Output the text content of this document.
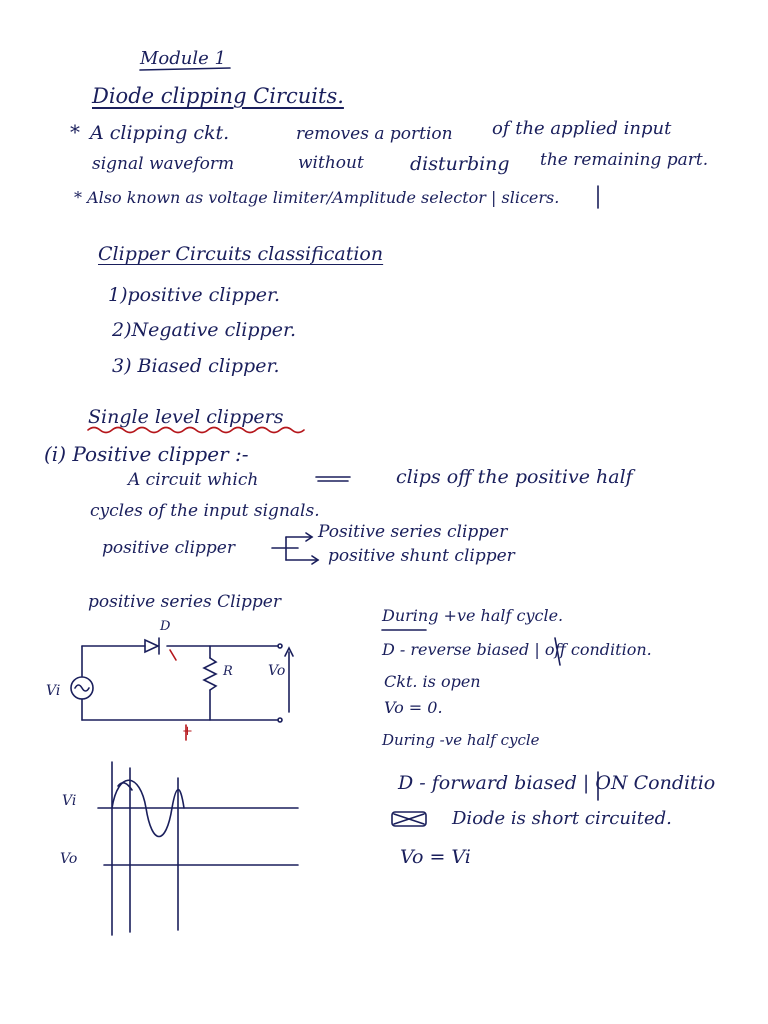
Module 1
Diode clipping Circuits.
* A clipping ckt.	removes a portion of the applied input
signal waveform	without disturbing the remaining part.
* Also known as voltage limiter/Amplitude selector | slicers.
Clipper Circuits classification
1)positive clipper.
2)Negative clipper.
3) Biased clipper.
Single level clippers
(i) Positive clipper :-
A circuit which	clips off the positive half
cycles of the input signals.
positive clipper
Positive series clipper
positive shunt clipper
positive series Clipper
D
R
Vi
Vo
+
During +ve half cycle.
D - reverse biased | off condition.
Ckt. is open
Vo = 0.
During -ve half cycle
D - forward biased | ON Conditio
Diode is short circuited.
Vo = Vi
Vi
Vo
